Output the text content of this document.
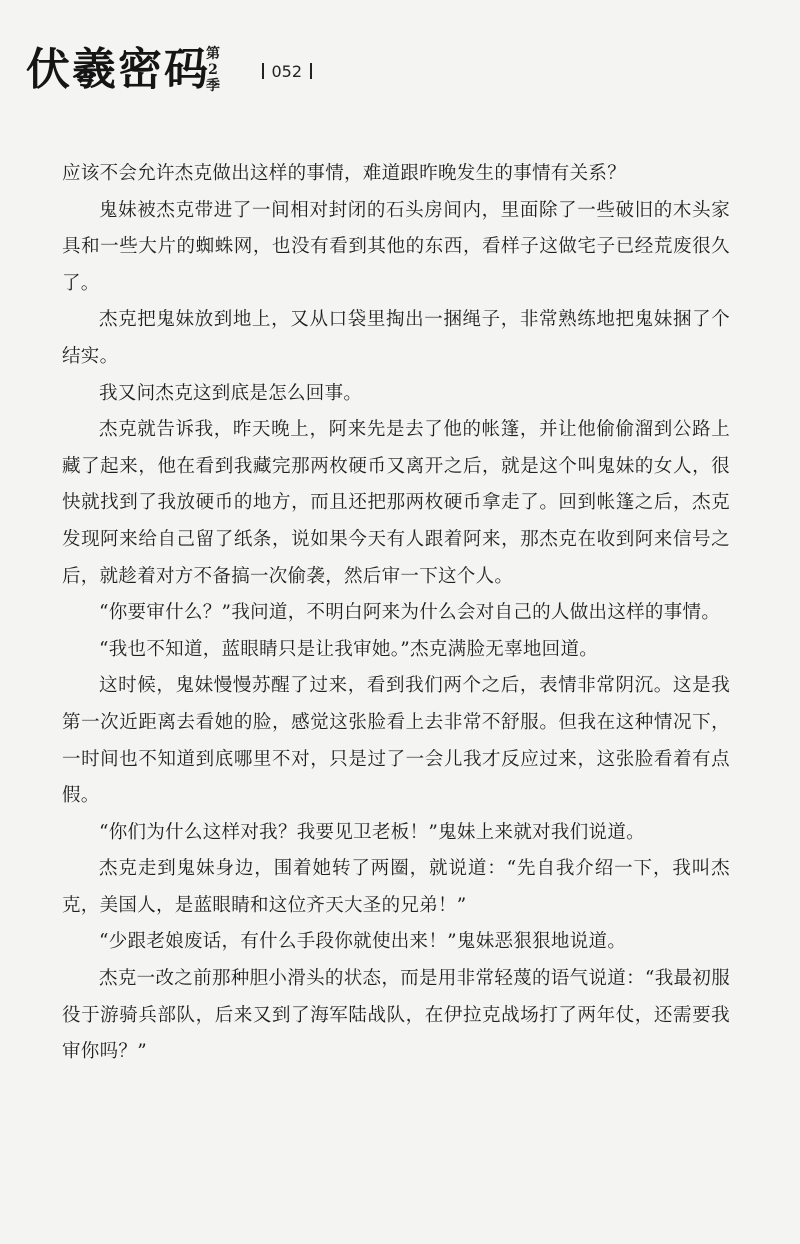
伏羲密码
第2季
052

应该不会允许杰克做出这样的事情，难道跟昨晚发生的事情有关系？

鬼妹被杰克带进了一间相对封闭的石头房间内，里面除了一些破旧的木头家具和一些大片的蜘蛛网，也没有看到其他的东西，看样子这做宅子已经荒废很久了。

杰克把鬼妹放到地上，又从口袋里掏出一捆绳子，非常熟练地把鬼妹捆了个结实。

我又问杰克这到底是怎么回事。

杰克就告诉我，昨天晚上，阿来先是去了他的帐篷，并让他偷偷溜到公路上藏了起来，他在看到我藏完那两枚硬币又离开之后，就是这个叫鬼妹的女人，很快就找到了我放硬币的地方，而且还把那两枚硬币拿走了。回到帐篷之后，杰克发现阿来给自己留了纸条，说如果今天有人跟着阿来，那杰克在收到阿来信号之后，就趁着对方不备搞一次偷袭，然后审一下这个人。

“你要审什么？”我问道，不明白阿来为什么会对自己的人做出这样的事情。

“我也不知道，蓝眼睛只是让我审她。”杰克满脸无辜地回道。

这时候，鬼妹慢慢苏醒了过来，看到我们两个之后，表情非常阴沉。这是我第一次近距离去看她的脸，感觉这张脸看上去非常不舒服。但我在这种情况下，一时间也不知道到底哪里不对，只是过了一会儿我才反应过来，这张脸看着有点假。

“你们为什么这样对我？我要见卫老板！”鬼妹上来就对我们说道。

杰克走到鬼妹身边，围着她转了两圈，就说道：“先自我介绍一下，我叫杰克，美国人，是蓝眼睛和这位齐天大圣的兄弟！”

“少跟老娘废话，有什么手段你就使出来！”鬼妹恶狠狠地说道。

杰克一改之前那种胆小滑头的状态，而是用非常轻蔑的语气说道：“我最初服役于游骑兵部队，后来又到了海军陆战队，在伊拉克战场打了两年仗，还需要我审你吗？”
